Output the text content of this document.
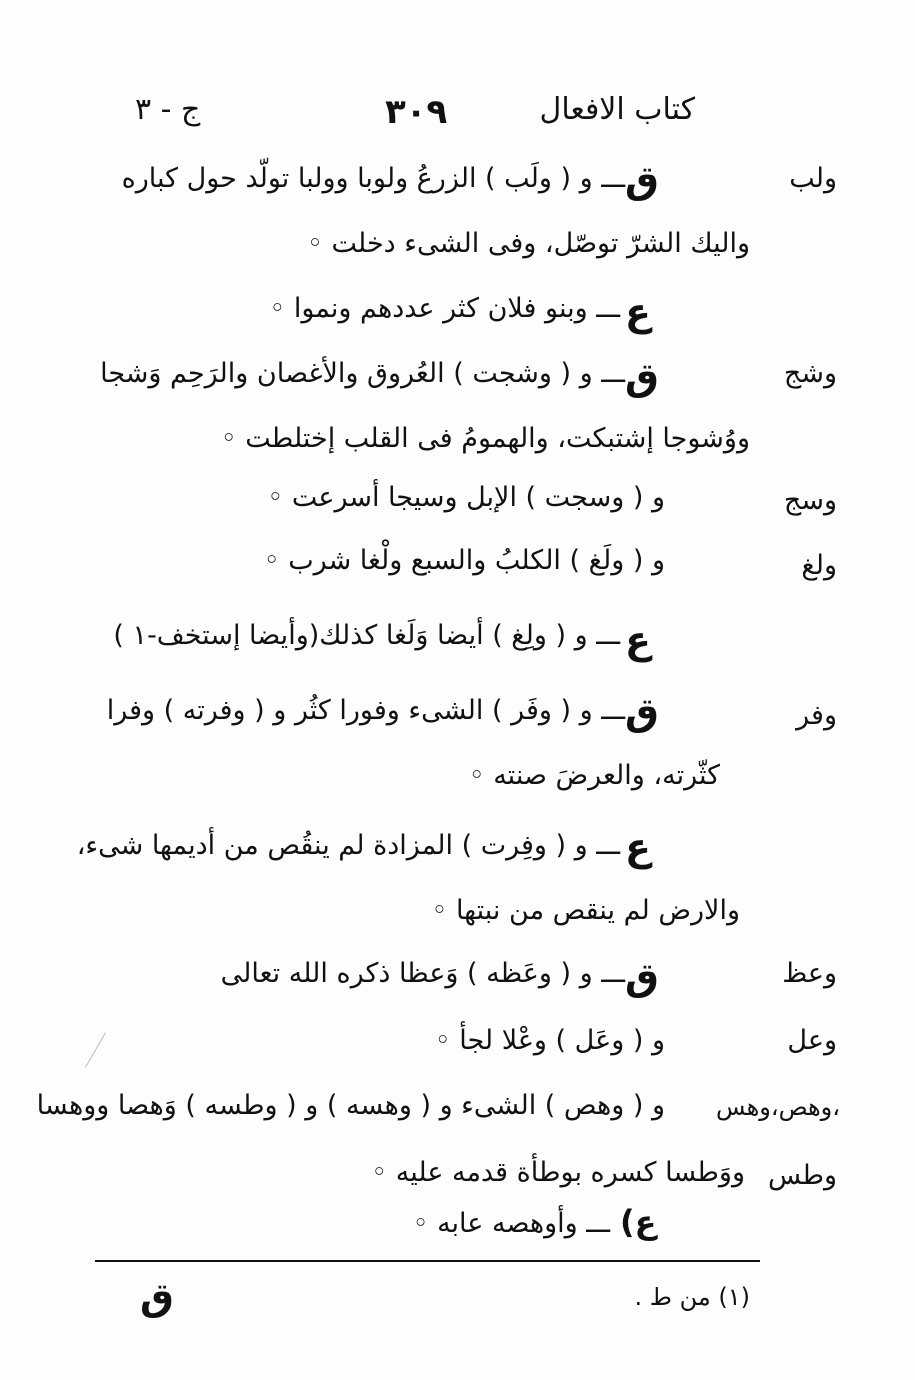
كتاب الافعال
٣٠٩
ج - ٣
ولب
ق
ـــ و ( ولَب ) الزرعُ ولوبا وولبا تولّد حول كباره
واليك الشرّ توصّل، وفى الشىء دخلت ◦
ع
ـــ وبنو فلان كثر عددهم ونموا ◦
وشج
ق
ـــ و ( وشجت ) العُروق والأغصان والرَحِم وَشجا
ووُشوجا إشتبكت، والهمومُ فى القلب إختلطت ◦
وسج
و ( وسجت ) الإبل وسيجا أسرعت ◦
ولغ
و ( ولَغ ) الكلبُ والسبع ولْغا شرب ◦
ع
ـــ و ( ولِغ ) أيضا وَلَغا كذلك(وأيضا إستخف-١ )
وفر
ق
ـــ و ( وفَر ) الشىء وفورا كثُر و ( وفرته ) وفرا
كثّرته، والعرضَ صنته ◦
ع
ـــ و ( وفِرت ) المزادة لم ينقُص من أديمها شىء،
والارض لم ينقص من نبتها ◦
وعظ
ق
ـــ و ( وعَظه ) وَعظا ذكره الله تعالى
وعل
و ( وعَل ) وعْلا لجأ ◦
وهص،وهس،
و ( وهص ) الشىء و ( وهسه ) و ( وطسه ) وَهصا ووهسا
وطس
ووَطسا كسره بوطأة قدمه عليه ◦
(ع
ـــ وأوهصه عابه ◦
(١) من ط .
ق
